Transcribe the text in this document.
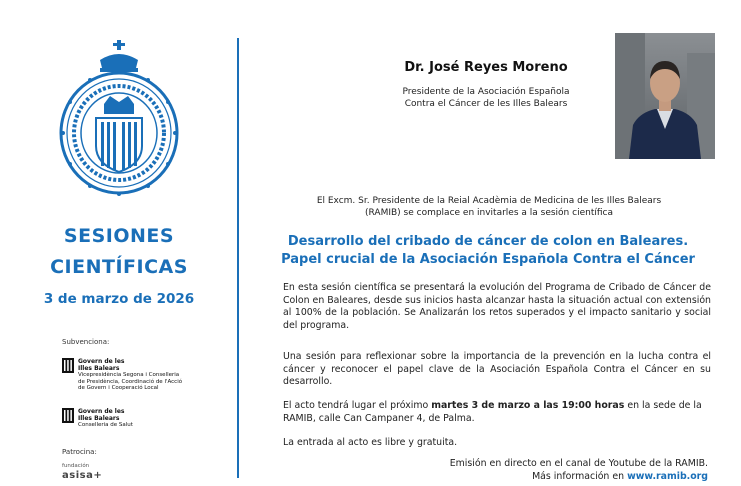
SESIONES
CIENTÍFICAS
3 de marzo de 2026
Subvenciona:
Govern de les
Illes Balears
Vicepresidència Segona i Conselleria
de Presidència, Coordinació de l'Acció
de Govern i Cooperació Local
Govern de les
Illes Balears
Conselleria de Salut
Patrocina:
fundación
asisa+
Dr. José Reyes Moreno
Presidente de la Asociación Española
Contra el Cáncer de les Illes Balears
El Excm. Sr. Presidente de la Reial Acadèmia de Medicina de les Illes Balears
(RAMIB) se complace en invitarles a la sesión científica
Desarrollo del cribado de cáncer de colon en Baleares.
Papel crucial de la Asociación Española Contra el Cáncer
En esta sesión científica se presentará la evolución del Programa de Cribado de Cáncer de Colon en Baleares, desde sus inicios hasta alcanzar hasta la situación actual con extensión al 100% de la población. Se Analizarán los retos superados y el impacto sanitario y social del programa.
Una sesión para reflexionar sobre la importancia de la prevención en la lucha contra el cáncer y reconocer el papel clave de la Asociación Española Contra el Cáncer en su desarrollo.
El acto tendrá lugar el próximo martes 3 de marzo a las 19:00 horas en la sede de la RAMIB, calle Can Campaner 4, de Palma.
La entrada al acto es libre y gratuita.
Emisión en directo en el canal de Youtube de la RAMIB.
Más información en www.ramib.org
